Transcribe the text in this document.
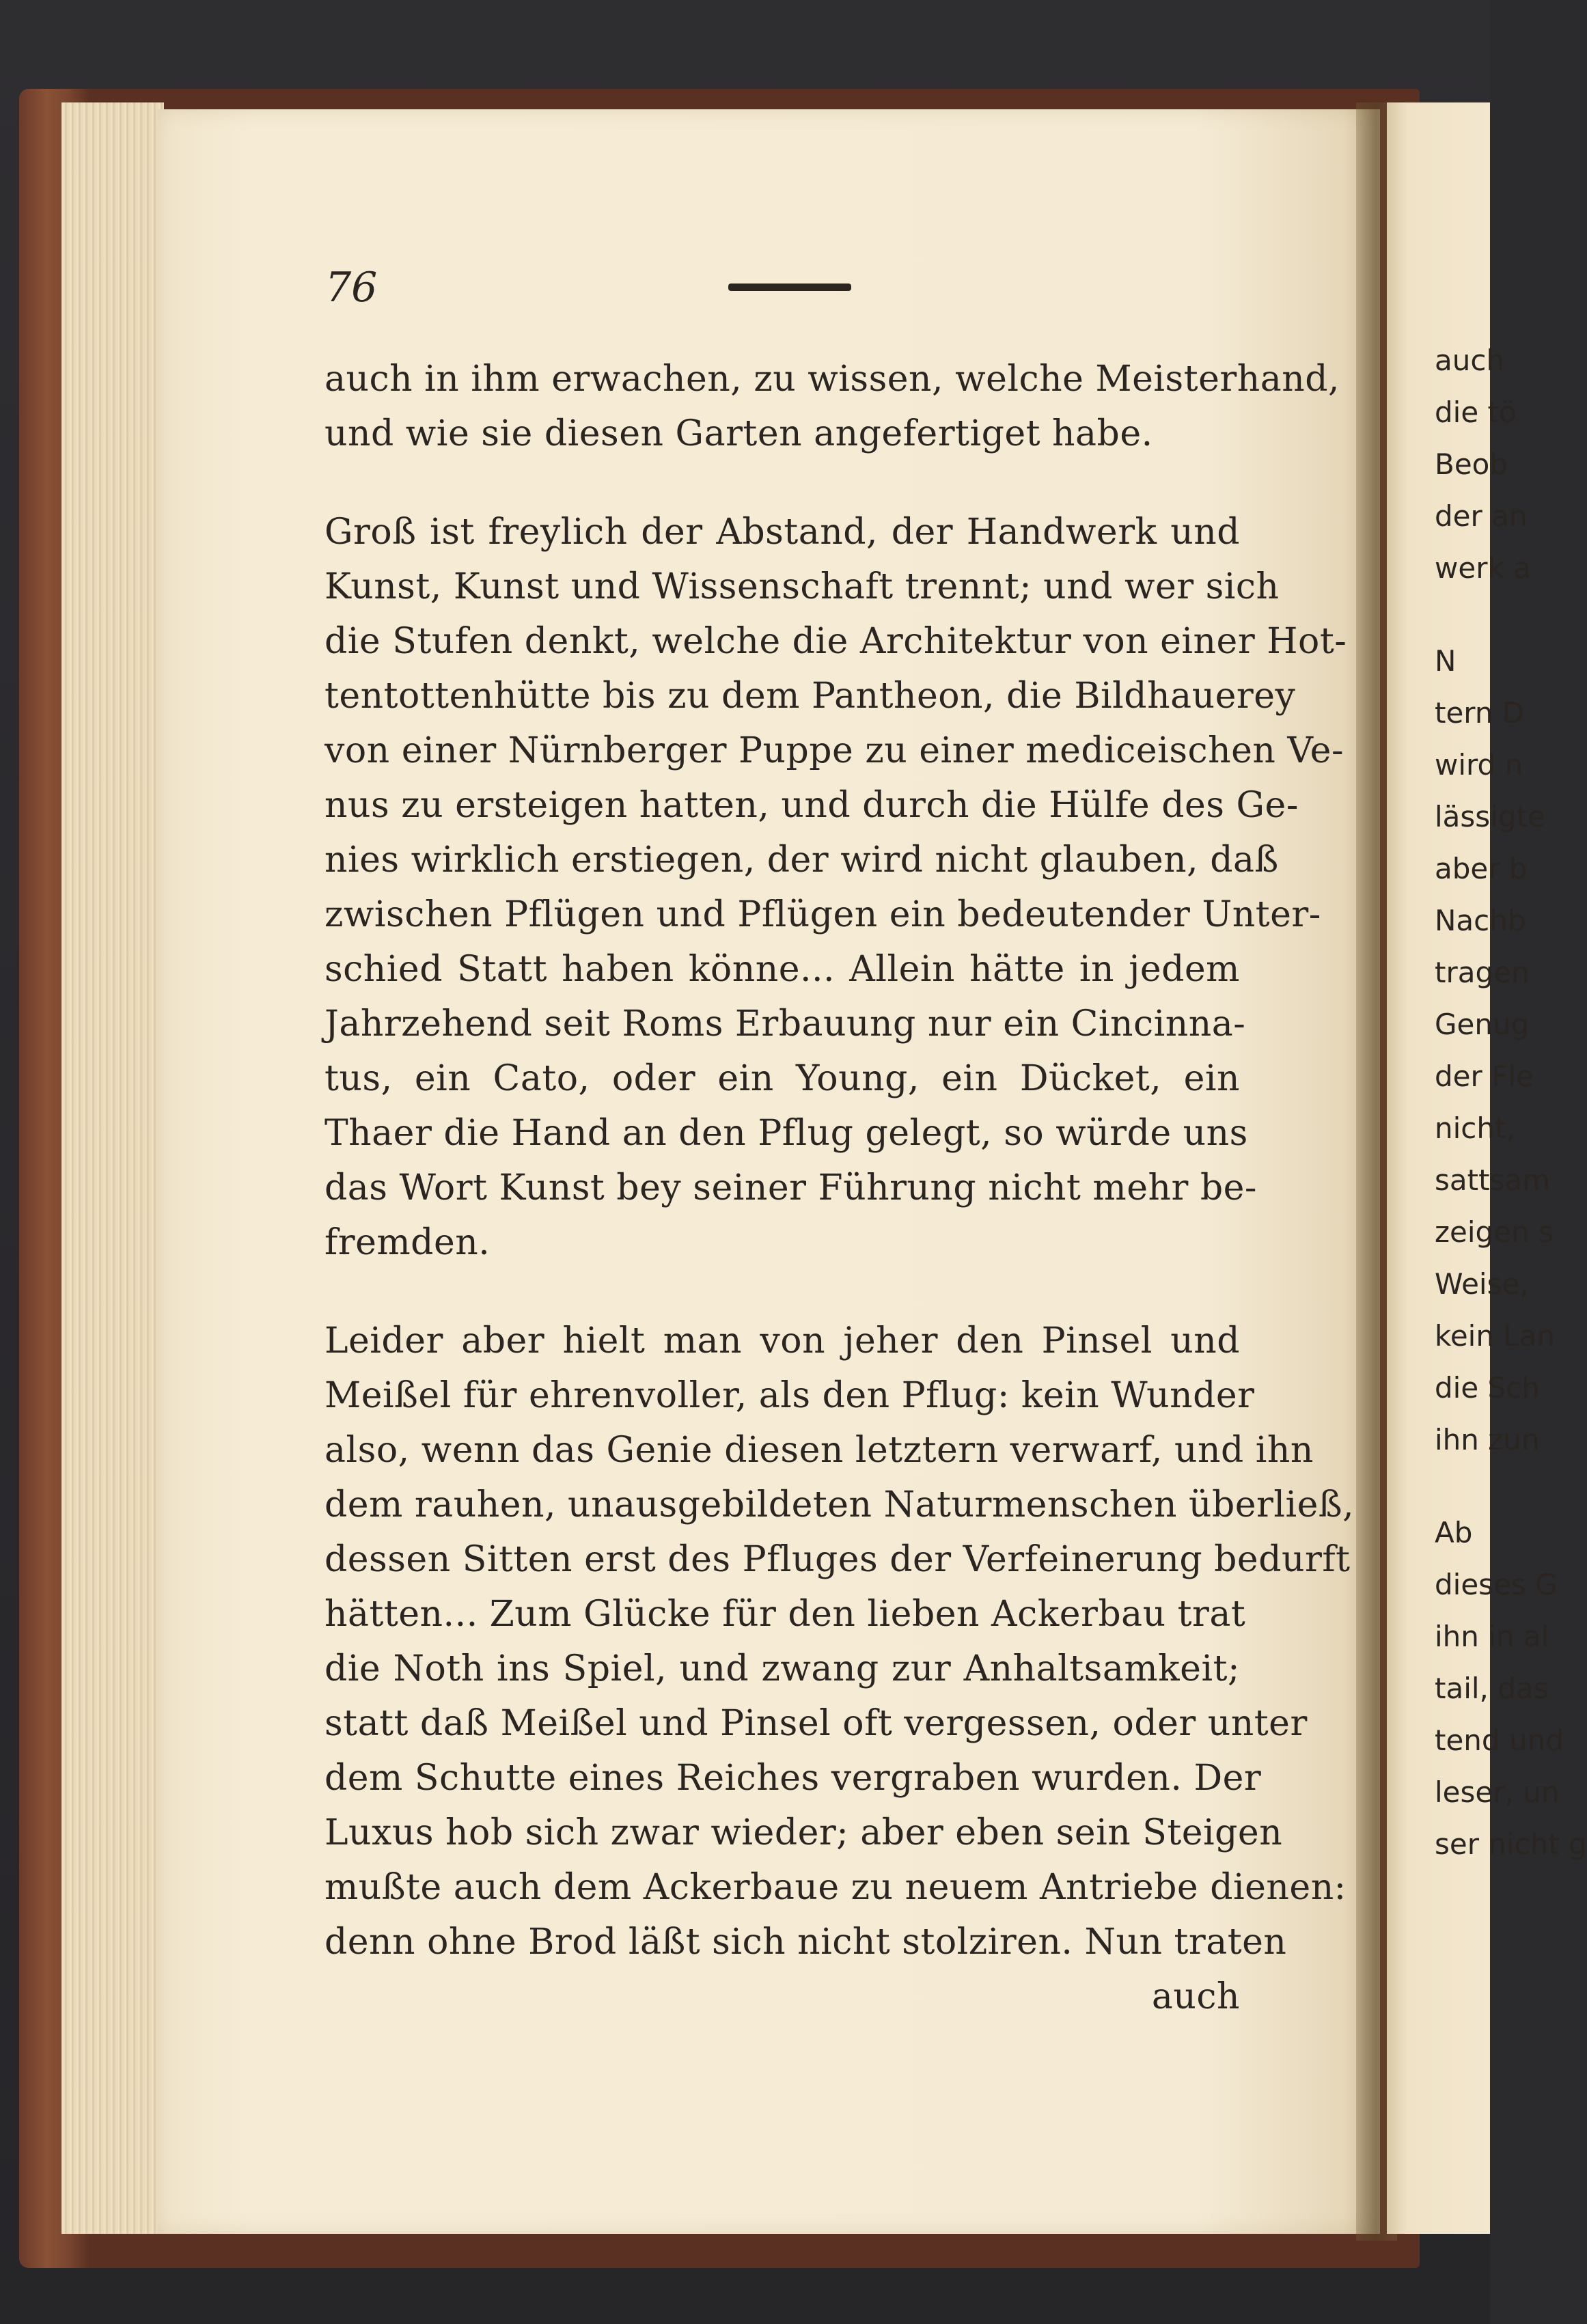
76
auch in ihm erwachen, zu wissen, welche Meisterhand,
und wie sie diesen Garten angefertiget habe.
Groß ist freylich der Abstand, der Handwerk und
Kunst, Kunst und Wissenschaft trennt; und wer sich
die Stufen denkt, welche die Architektur von einer Hot-
tentottenhütte bis zu dem Pantheon, die Bildhauerey
von einer Nürnberger Puppe zu einer mediceischen Ve-
nus zu ersteigen hatten, und durch die Hülfe des Ge-
nies wirklich erstiegen, der wird nicht glauben, daß
zwischen Pflügen und Pflügen ein bedeutender Unter-
schied Statt haben könne... Allein hätte in jedem
Jahrzehend seit Roms Erbauung nur ein Cincinna-
tus, ein Cato, oder ein Young, ein Dücket, ein
Thaer die Hand an den Pflug gelegt, so würde uns
das Wort Kunst bey seiner Führung nicht mehr be-
fremden.
Leider aber hielt man von jeher den Pinsel und
Meißel für ehrenvoller, als den Pflug: kein Wunder
also, wenn das Genie diesen letztern verwarf, und ihn
dem rauhen, unausgebildeten Naturmenschen überließ,
dessen Sitten erst des Pfluges der Verfeinerung bedurft
hätten... Zum Glücke für den lieben Ackerbau trat
die Noth ins Spiel, und zwang zur Anhaltsamkeit;
statt daß Meißel und Pinsel oft vergessen, oder unter
dem Schutte eines Reiches vergraben wurden. Der
Luxus hob sich zwar wieder; aber eben sein Steigen
mußte auch dem Ackerbaue zu neuem Antriebe dienen:
denn ohne Brod läßt sich nicht stolziren. Nun traten
auch
auch
die tö
Beob
der an
werk a
N
tern D
wird n
lässigte
aber b
Nachb
tragen
Genug
der Fle
nicht,
sattsam
zeigen s
Weise,
kein Lan
die Sch
ihn zun
Ab
dieses G
ihn in al
tail, das
tend und
leser, un
ser nicht g
